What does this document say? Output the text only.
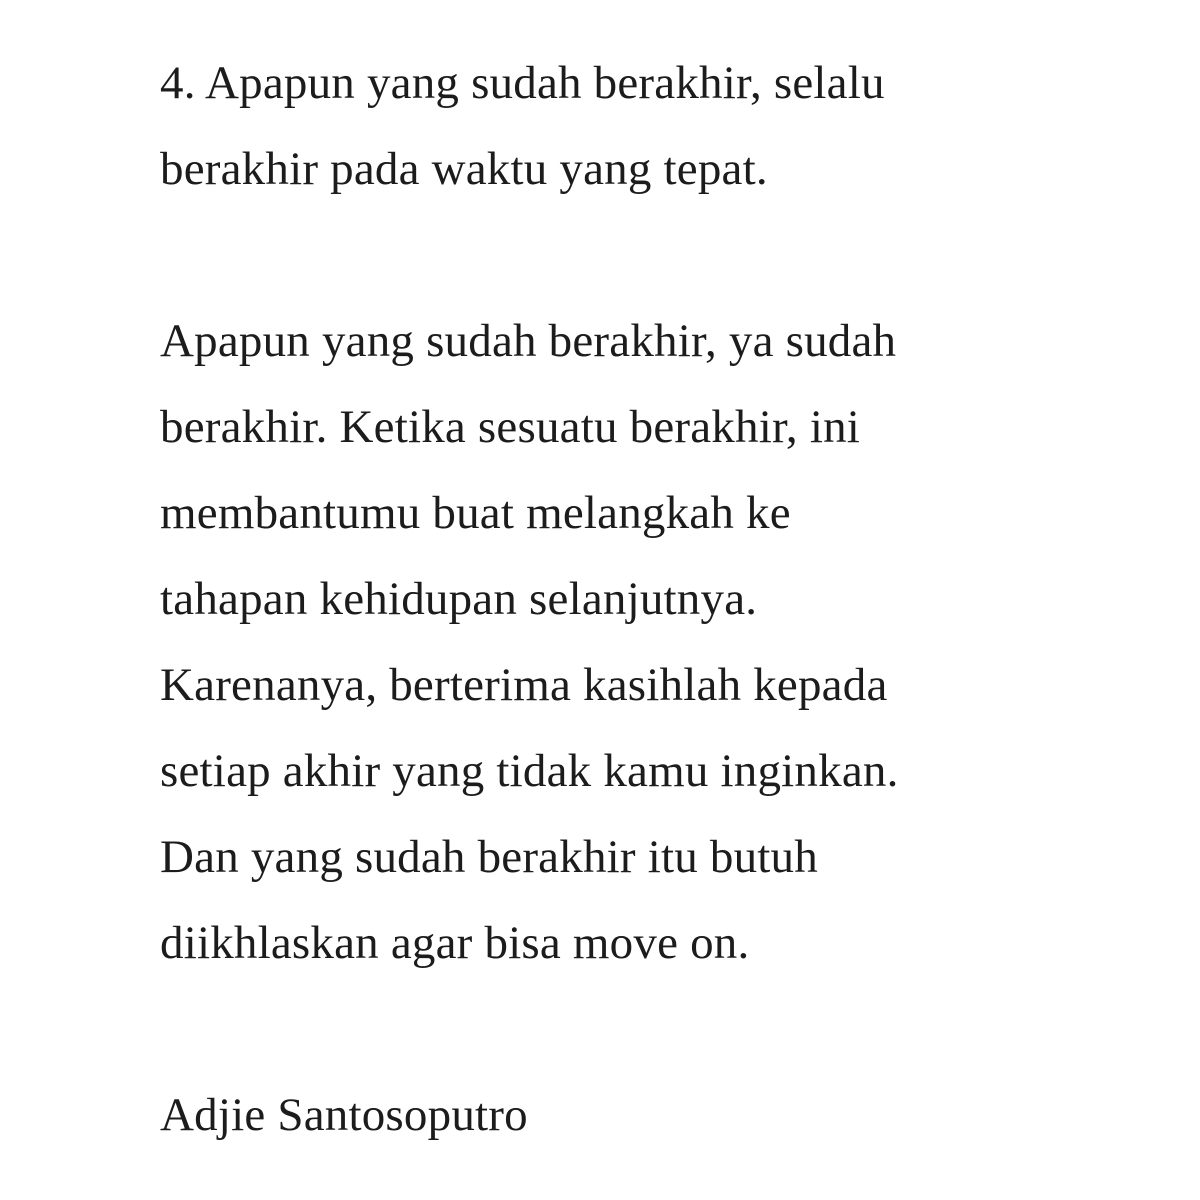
4. Apapun yang sudah berakhir, selalu
berakhir pada waktu yang tepat.
Apapun yang sudah berakhir, ya sudah
berakhir. Ketika sesuatu berakhir, ini
membantumu buat melangkah ke
tahapan kehidupan selanjutnya.
Karenanya, berterima kasihlah kepada
setiap akhir yang tidak kamu inginkan.
Dan yang sudah berakhir itu butuh
diikhlaskan agar bisa move on.
Adjie Santosoputro
